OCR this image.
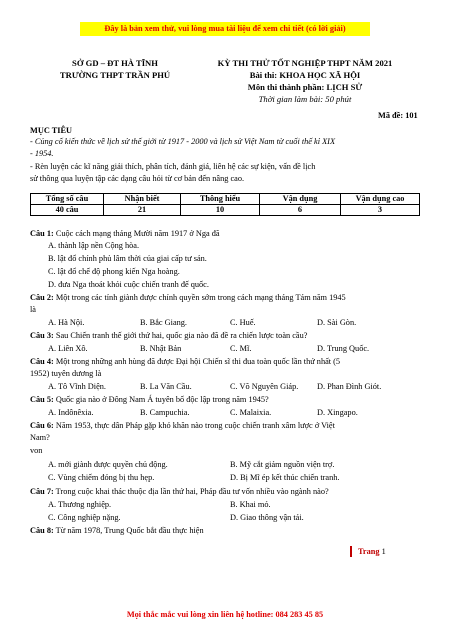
Đây là bản xem thử, vui lòng mua tài liệu để xem chi tiết (có lời giải)
SỞ GD – ĐT HÀ TĨNH
TRƯỜNG THPT TRẦN PHÚ
KỲ THI THỬ TỐT NGHIỆP THPT NĂM 2021
Bài thi: KHOA HỌC XÃ HỘI
Môn thi thành phần: LỊCH SỬ
Thời gian làm bài: 50 phút
Mã đề: 101
MỤC TIÊU
- Củng cố kiến thức về lịch sử thế giới từ 1917 - 2000 và lịch sử Việt Nam từ cuối thế kỉ XIX
- 1954.
- Rèn luyện các kĩ năng giải thích, phân tích, đánh giá, liên hệ các sự kiện, vấn đề lịch
sử thông qua luyện tập các dạng câu hỏi từ cơ bản đến nâng cao.
Tổng số câu	Nhận biết	Thông hiểu	Vận dụng	Vận dụng cao
40 câu	21	10	6	3
Câu 1: Cuộc cách mạng tháng Mười năm 1917 ở Nga đã
A. thành lập nền Cộng hòa.
B. lật đổ chính phủ lâm thời của giai cấp tư sản.
C. lật đổ chế độ phong kiến Nga hoàng.
D. đưa Nga thoát khỏi cuộc chiến tranh đế quốc.
Câu 2: Một trong các tỉnh giành được chính quyền sớm trong cách mạng tháng Tám năm 1945
là
A. Hà Nội.	B. Bắc Giang.	C. Huế.	D. Sài Gòn.
Câu 3: Sau Chiến tranh thế giới thứ hai, quốc gia nào đã đề ra chiến lược toàn cầu?
A. Liên Xô.	B. Nhật Bản	C. Mĩ.	D. Trung Quốc.
Câu 4: Một trong những anh hùng đã được Đại hội Chiến sĩ thi đua toàn quốc lần thứ nhất (5
1952) tuyên dương là
A. Tô Vĩnh Diện.	B. La Văn Cầu.	C. Võ Nguyên Giáp. D. Phan Đình Giót.
Câu 5: Quốc gia nào ở Đông Nam Á tuyên bố độc lập trong năm 1945?
A. Indônêxia.	B. Campuchia.	C. Malaixia.	D. Xingapo.
Câu 6: Năm 1953, thực dân Pháp gặp khó khăn nào trong cuộc chiến tranh xâm lược ở Việt
Nam?
von
A. mới giành được quyền chủ động.	B. Mỹ cắt giảm nguồn viện trợ.
C. Vùng chiếm đóng bị thu hẹp.	D. Bị Mĩ ép kết thúc chiến tranh.
Câu 7: Trong cuộc khai thác thuộc địa lần thứ hai, Pháp đầu tư vốn nhiều vào ngành nào?
A. Thương nghiệp.	B. Khai mỏ.
C. Công nghiệp nặng.	D. Giao thông vận tải.
Câu 8: Từ năm 1978, Trung Quốc bắt đầu thực hiện
Trang 1
Mọi thắc mắc vui lòng xin liên hệ hotline: 084 283 45 85
